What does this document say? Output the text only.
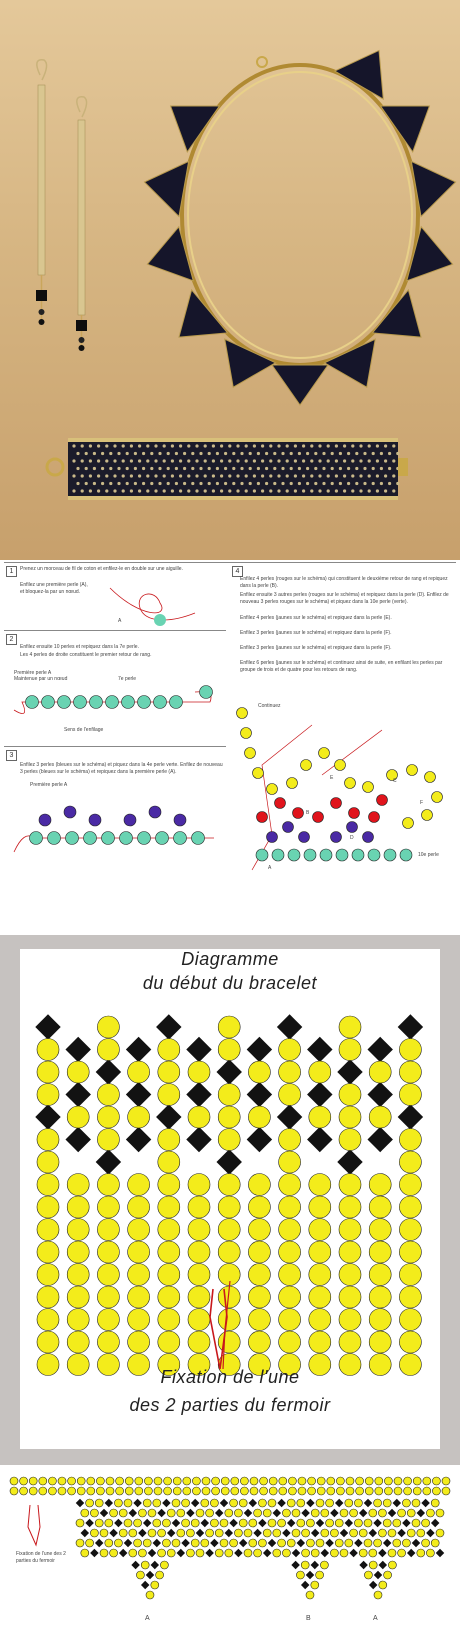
1	Prenez un morceau de fil de coton et enfilez-le en double sur une aiguille.
Enfilez une première perle (A), et bloquez-la par un nœud.
A
2
Enfilez ensuite 10 perles et repiquez dans la 7e perle.
Les 4 perles de droite constituent le premier retour de rang.
Première perle A
Maintenue par un nœud	7e perle
Sens de l'enfilage
3
Enfilez 3 perles (bleues sur le schéma) et piquez dans la 4e perle verte. Enfilez de nouveau 3 perles (bleues sur le schéma) et repiquez dans la première perle (A).
Première perle A
4
Enfilez 4 perles (rouges sur le schéma) qui constituent le deuxième retour de rang et repiquez dans la perle (B).
Enfilez ensuite 3 autres perles (rouges sur le schéma) et repiquez dans la perle (D). Enfilez de nouveau 3 perles rouges sur le schéma) et piquez dans la 10e perle (verte).
Enfilez 4 perles (jaunes sur le schéma) et repiquez dans la perle (E).
Enfilez 3 perles (jaunes sur le schéma) et repiquez dans la perle (F).
Enfilez 3 perles (jaunes sur le schéma) et repiquez dans la perle (F).
Enfilez 6 perles (jaunes sur le schéma) et continuez ainsi de suite, en enfilant les perles par groupe de trois et de quatre pour les retours de rang.
Continuez
10e perle
A
B
C
D
E
F
Diagramme
du début du bracelet
Fixation de l'une
des 2 parties du fermoir
Fixation de l'une des 2 parties du fermoir
A	B	A
